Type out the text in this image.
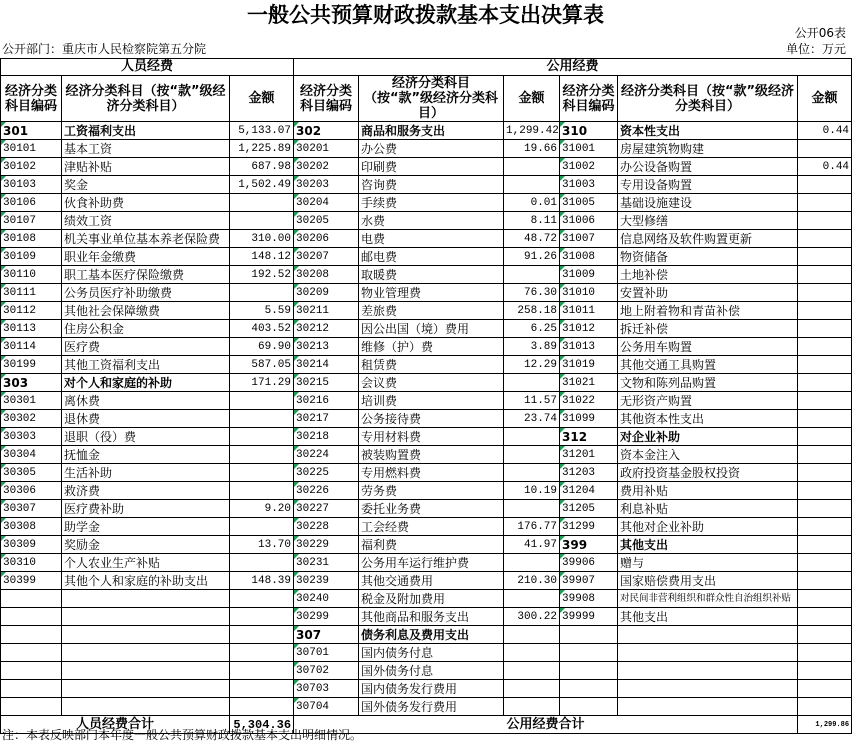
一般公共预算财政拨款基本支出决算表
公开06表
公开部门：重庆市人民检察院第五分院	单位：万元
人员经费			公用经费					
经济分类科目编码	经济分类科目（按“款”级经济分类科目）	金额	经济分类科目编码	经济分类科目（按“款”级经济分类科目）	金额	经济分类科目编码	经济分类科目（按“款”级经济分类科目）	金额
301	工资福利支出	5,133.07	302	商品和服务支出	1,299.42	310	资本性支出	0.44
30101	基本工资	1,225.89	30201	办公费	19.66	31001	房屋建筑物购建	
30102	津贴补贴	687.98	30202	印刷费		31002	办公设备购置	0.44
30103	奖金	1,502.49	30203	咨询费		31003	专用设备购置	
30106	伙食补助费		30204	手续费	0.01	31005	基础设施建设	
30107	绩效工资		30205	水费	8.11	31006	大型修缮	
30108	机关事业单位基本养老保险费	310.00	30206	电费	48.72	31007	信息网络及软件购置更新	
30109	职业年金缴费	148.12	30207	邮电费	91.26	31008	物资储备	
30110	职工基本医疗保险缴费	192.52	30208	取暖费		31009	土地补偿	
30111	公务员医疗补助缴费		30209	物业管理费	76.30	31010	安置补助	
30112	其他社会保障缴费	5.59	30211	差旅费	258.18	31011	地上附着物和青苗补偿	
30113	住房公积金	403.52	30212	因公出国（境）费用	6.25	31012	拆迁补偿	
30114	医疗费	69.90	30213	维修（护）费	3.89	31013	公务用车购置	
30199	其他工资福利支出	587.05	30214	租赁费	12.29	31019	其他交通工具购置	
303	对个人和家庭的补助	171.29	30215	会议费		31021	文物和陈列品购置	
30301	离休费		30216	培训费	11.57	31022	无形资产购置	
30302	退休费		30217	公务接待费	23.74	31099	其他资本性支出	
30303	退职（役）费		30218	专用材料费		312	对企业补助	
30304	抚恤金		30224	被装购置费		31201	资本金注入	
30305	生活补助		30225	专用燃料费		31203	政府投资基金股权投资	
30306	救济费		30226	劳务费	10.19	31204	费用补贴	
30307	医疗费补助	9.20	30227	委托业务费		31205	利息补贴	
30308	助学金		30228	工会经费	176.77	31299	其他对企业补助	
30309	奖励金	13.70	30229	福利费	41.97	399	其他支出	
30310	个人农业生产补贴		30231	公务用车运行维护费		39906	赠与	
30399	其他个人和家庭的补助支出	148.39	30239	其他交通费用	210.30	39907	国家赔偿费用支出	
			30240	税金及附加费用		39908	对民间非营利组织和群众性自治组织补贴	
			30299	其他商品和服务支出	300.22	39999	其他支出	
			307	债务利息及费用支出				
			30701	国内债务付息				
			30702	国外债务付息				
			30703	国内债务发行费用				
			30704	国外债务发行费用				
人员经费合计		5,304.36	公用经费合计					1,299.86
注：本表反映部门本年度一般公共预算财政拨款基本支出明细情况。
